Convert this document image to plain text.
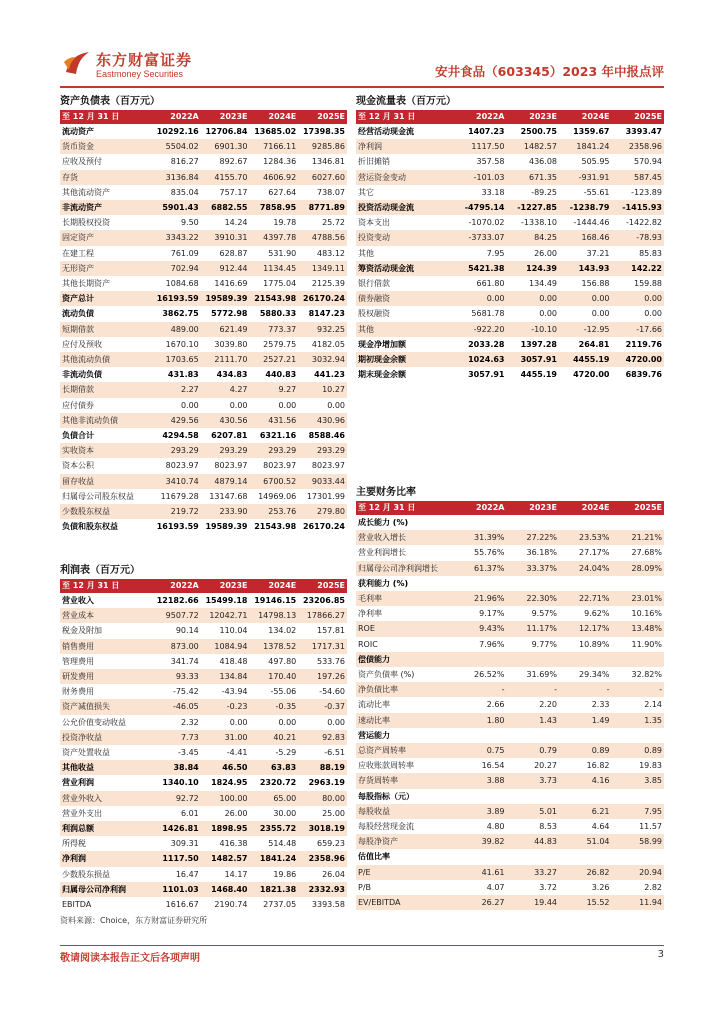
东方财富证券
Eastmoney Securities	安井食品（603345）2023 年中报点评
资产负债表（百万元）
至 12 月 31 日	2022A	2023E	2024E	2025E
流动资产	10292.16	12706.84	13685.02	17398.35
货币资金	5504.02	6901.30	7166.11	9285.86
应收及预付	816.27	892.67	1284.36	1346.81
存货	3136.84	4155.70	4606.92	6027.60
其他流动资产	835.04	757.17	627.64	738.07
非流动资产	5901.43	6882.55	7858.95	8771.89
长期股权投资	9.50	14.24	19.78	25.72
固定资产	3343.22	3910.31	4397.78	4788.56
在建工程	761.09	628.87	531.90	483.12
无形资产	702.94	912.44	1134.45	1349.11
其他长期资产	1084.68	1416.69	1775.04	2125.39
资产总计	16193.59	19589.39	21543.98	26170.24
流动负债	3862.75	5772.98	5880.33	8147.23
短期借款	489.00	621.49	773.37	932.25
应付及预收	1670.10	3039.80	2579.75	4182.05
其他流动负债	1703.65	2111.70	2527.21	3032.94
非流动负债	431.83	434.83	440.83	441.23
长期借款	2.27	4.27	9.27	10.27
应付债券	0.00	0.00	0.00	0.00
其他非流动负债	429.56	430.56	431.56	430.96
负债合计	4294.58	6207.81	6321.16	8588.46
实收资本	293.29	293.29	293.29	293.29
资本公积	8023.97	8023.97	8023.97	8023.97
留存收益	3410.74	4879.14	6700.52	9033.44
归属母公司股东权益	11679.28	13147.68	14969.06	17301.99
少数股东权益	219.72	233.90	253.76	279.80
负债和股东权益	16193.59	19589.39	21543.98	26170.24
现金流量表（百万元）
至 12 月 31 日	2022A	2023E	2024E	2025E
经营活动现金流	1407.23	2500.75	1359.67	3393.47
净利润	1117.50	1482.57	1841.24	2358.96
折旧摊销	357.58	436.08	505.95	570.94
营运资金变动	-101.03	671.35	-931.91	587.45
其它	33.18	-89.25	-55.61	-123.89
投资活动现金流	-4795.14	-1227.85	-1238.79	-1415.93
资本支出	-1070.02	-1338.10	-1444.46	-1422.82
投资变动	-3733.07	84.25	168.46	-78.93
其他	7.95	26.00	37.21	85.83
筹资活动现金流	5421.38	124.39	143.93	142.22
银行借款	661.80	134.49	156.88	159.88
债券融资	0.00	0.00	0.00	0.00
股权融资	5681.78	0.00	0.00	0.00
其他	-922.20	-10.10	-12.95	-17.66
现金净增加额	2033.28	1397.28	264.81	2119.76
期初现金余额	1024.63	3057.91	4455.19	4720.00
期末现金余额	3057.91	4455.19	4720.00	6839.76
利润表（百万元）
至 12 月 31 日	2022A	2023E	2024E	2025E
营业收入	12182.66	15499.18	19146.15	23206.85
营业成本	9507.72	12042.71	14798.13	17866.27
税金及附加	90.14	110.04	134.02	157.81
销售费用	873.00	1084.94	1378.52	1717.31
管理费用	341.74	418.48	497.80	533.76
研发费用	93.33	134.84	170.40	197.26
财务费用	-75.42	-43.94	-55.06	-54.60
资产减值损失	-46.05	-0.23	-0.35	-0.37
公允价值变动收益	2.32	0.00	0.00	0.00
投资净收益	7.73	31.00	40.21	92.83
资产处置收益	-3.45	-4.41	-5.29	-6.51
其他收益	38.84	46.50	63.83	88.19
营业利润	1340.10	1824.95	2320.72	2963.19
营业外收入	92.72	100.00	65.00	80.00
营业外支出	6.01	26.00	30.00	25.00
利润总额	1426.81	1898.95	2355.72	3018.19
所得税	309.31	416.38	514.48	659.23
净利润	1117.50	1482.57	1841.24	2358.96
少数股东损益	16.47	14.17	19.86	26.04
归属母公司净利润	1101.03	1468.40	1821.38	2332.93
EBITDA	1616.67	2190.74	2737.05	3393.58
资料来源：Choice，东方财富证券研究所
主要财务比率
至 12 月 31 日	2022A	2023E	2024E	2025E
成长能力 (%)				
营业收入增长	31.39%	27.22%	23.53%	21.21%
营业利润增长	55.76%	36.18%	27.17%	27.68%
归属母公司净利润增长	61.37%	33.37%	24.04%	28.09%
获利能力 (%)				
毛利率	21.96%	22.30%	22.71%	23.01%
净利率	9.17%	9.57%	9.62%	10.16%
ROE	9.43%	11.17%	12.17%	13.48%
ROIC	7.96%	9.77%	10.89%	11.90%
偿债能力				
资产负债率 (%)	26.52%	31.69%	29.34%	32.82%
净负债比率	-	-	-	-
流动比率	2.66	2.20	2.33	2.14
速动比率	1.80	1.43	1.49	1.35
营运能力				
总资产周转率	0.75	0.79	0.89	0.89
应收账款周转率	16.54	20.27	16.82	19.83
存货周转率	3.88	3.73	4.16	3.85
每股指标（元）				
每股收益	3.89	5.01	6.21	7.95
每股经营现金流	4.80	8.53	4.64	11.57
每股净资产	39.82	44.83	51.04	58.99
估值比率				
P/E	41.61	33.27	26.82	20.94
P/B	4.07	3.72	3.26	2.82
EV/EBITDA	26.27	19.44	15.52	11.94
敬请阅读本报告正文后各项声明	3
